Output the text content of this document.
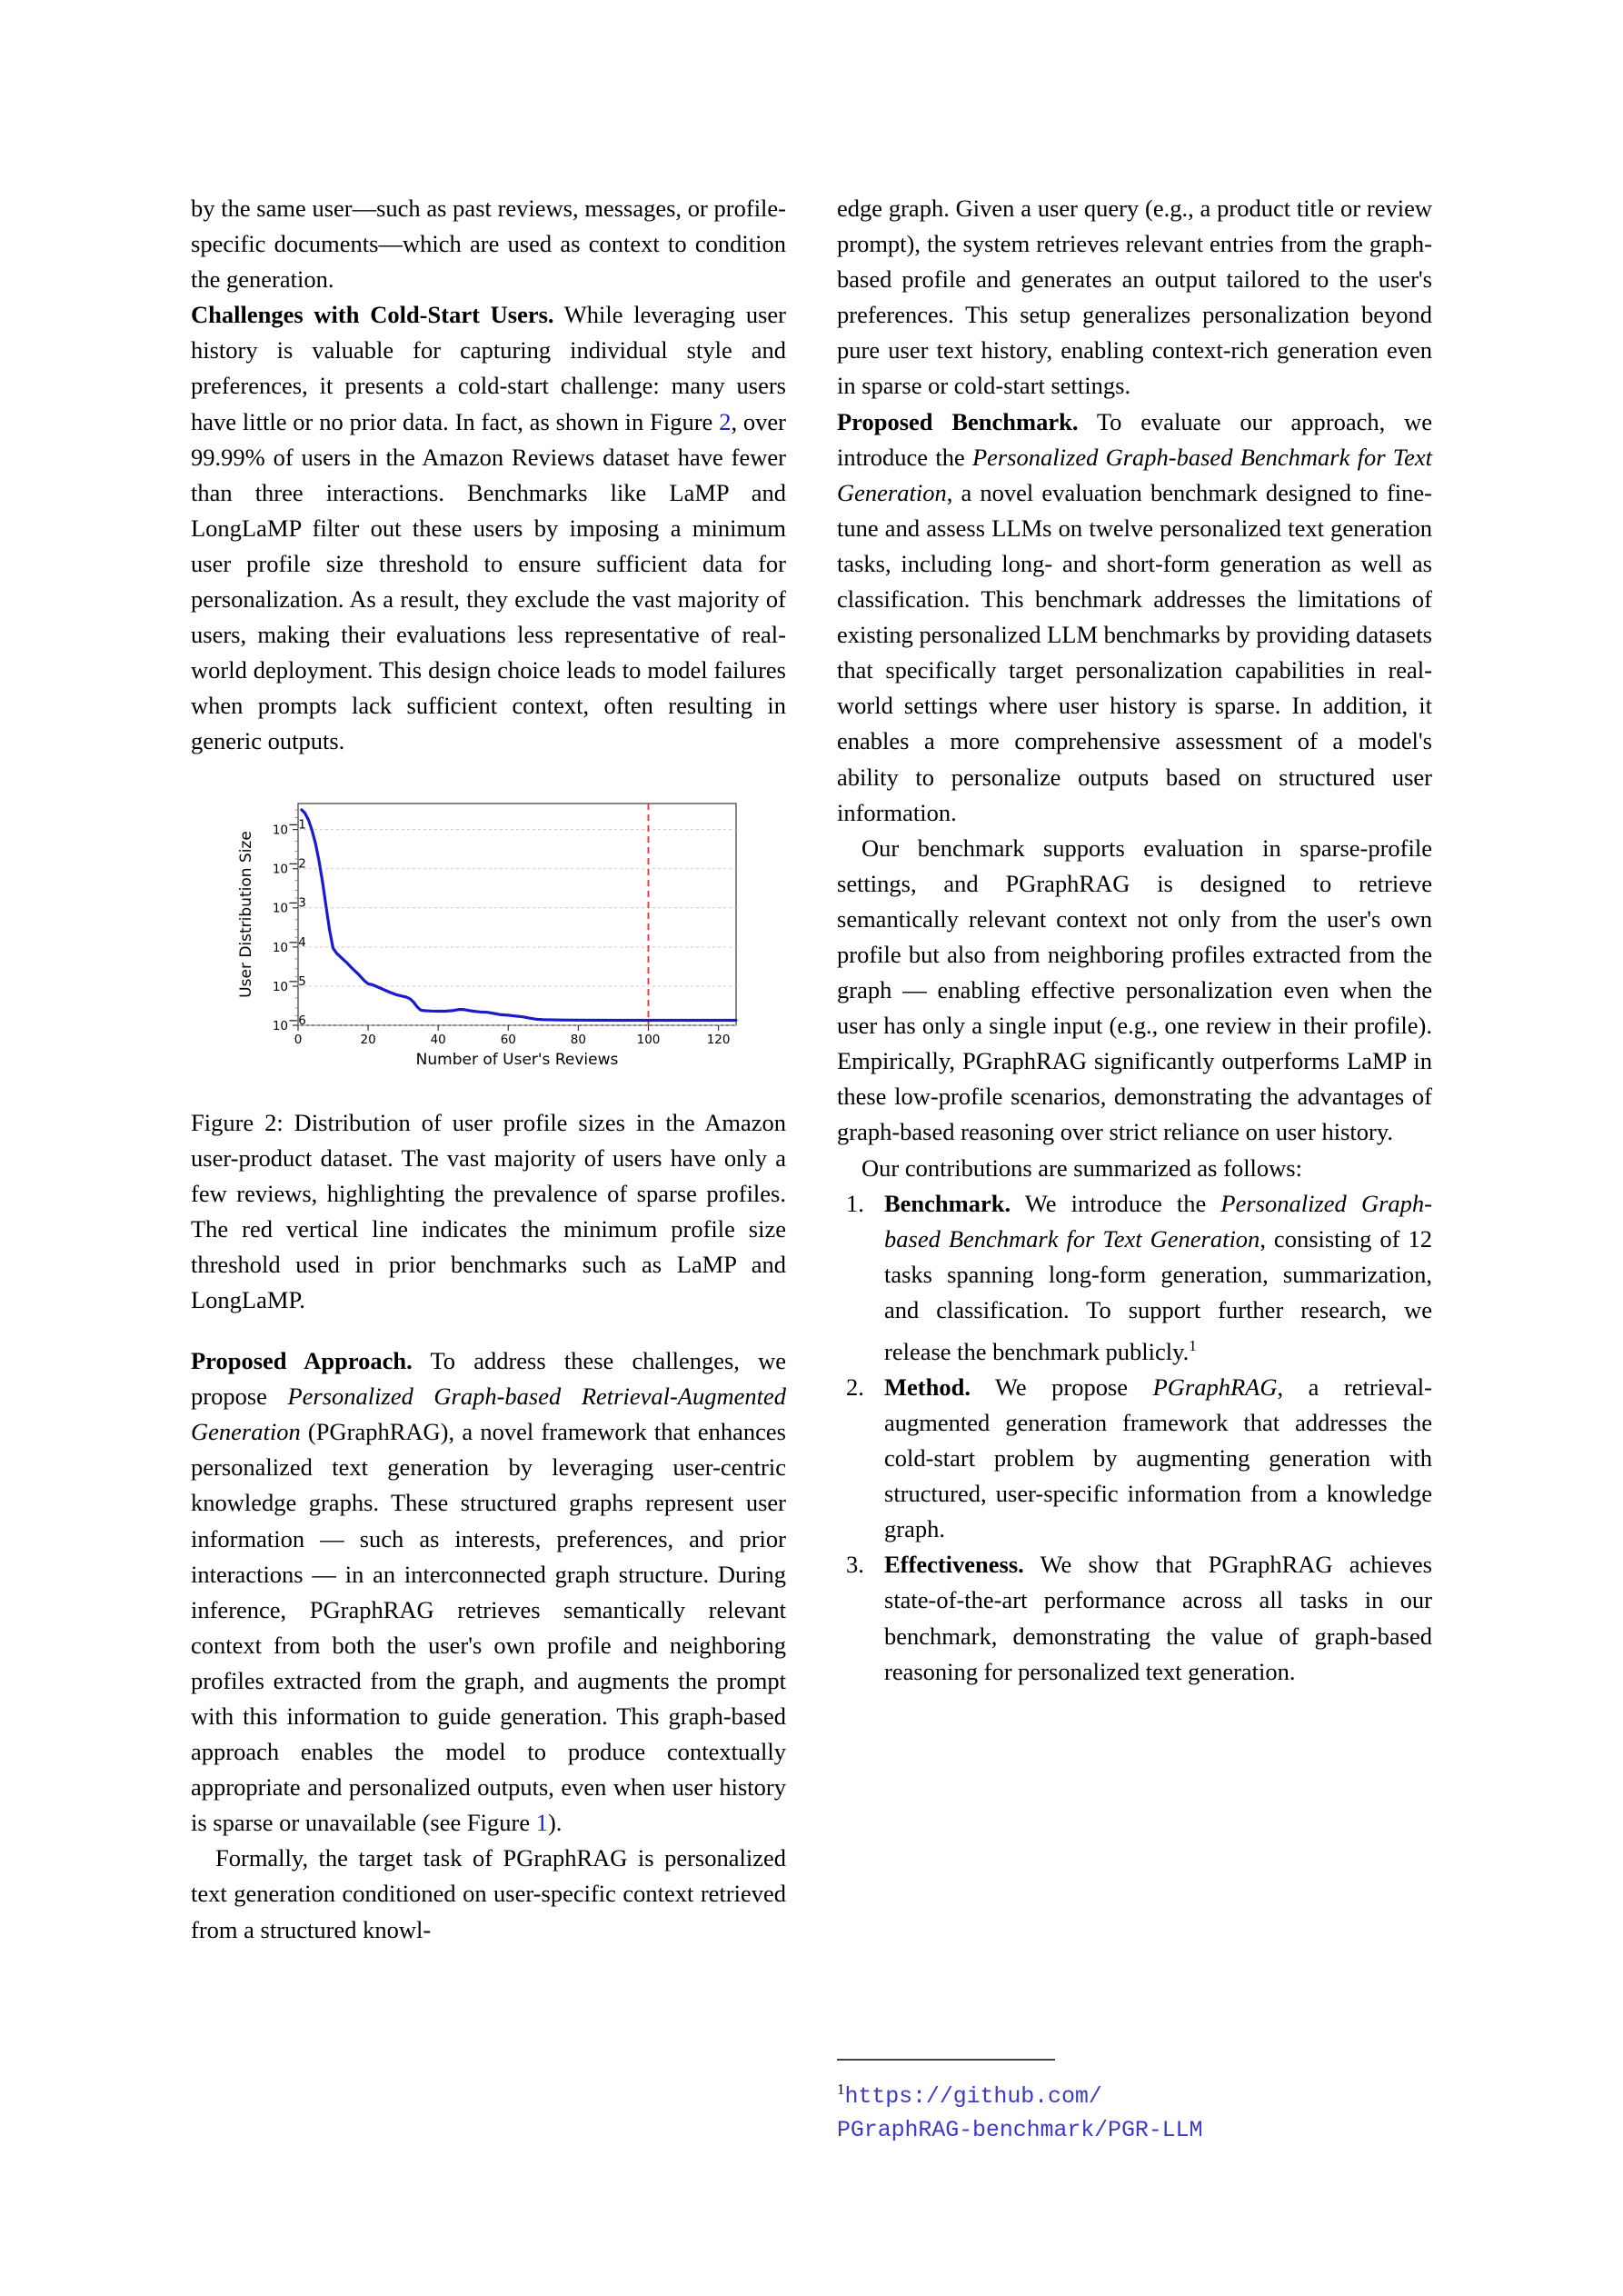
by the same user—such as past reviews, messages, or profile-specific documents—which are used as context to condition the generation.

Challenges with Cold-Start Users. While leveraging user history is valuable for capturing individual style and preferences, it presents a cold-start challenge: many users have little or no prior data. In fact, as shown in Figure 2, over 99.99% of users in the Amazon Reviews dataset have fewer than three interactions. Benchmarks like LaMP and LongLaMP filter out these users by imposing a minimum user profile size threshold to ensure sufficient data for personalization. As a result, they exclude the vast majority of users, making their evaluations less representative of real-world deployment. This design choice leads to model failures when prompts lack sufficient context, often resulting in generic outputs.

10 −1
10 −2
10 −3
10 −4
10 −5
10 −6
0	20	40	60	80	100	120
Number of User's Reviews
User Distribution Size
Figure 2: Distribution of user profile sizes in the Amazon user-product dataset. The vast majority of users have only a few reviews, highlighting the prevalence of sparse profiles. The red vertical line indicates the minimum profile size threshold used in prior benchmarks such as LaMP and LongLaMP.

Proposed Approach. To address these challenges, we propose Personalized Graph-based Retrieval-Augmented Generation (PGraphRAG), a novel framework that enhances personalized text generation by leveraging user-centric knowledge graphs. These structured graphs represent user information — such as interests, preferences, and prior interactions — in an interconnected graph structure. During inference, PGraphRAG retrieves semantically relevant context from both the user's own profile and neighboring profiles extracted from the graph, and augments the prompt with this information to guide generation. This graph-based approach enables the model to produce contextually appropriate and personalized outputs, even when user history is sparse or unavailable (see Figure 1).

Formally, the target task of PGraphRAG is personalized text generation conditioned on user-specific context retrieved from a structured knowl-

edge graph. Given a user query (e.g., a product title or review prompt), the system retrieves relevant entries from the graph-based profile and generates an output tailored to the user's preferences. This setup generalizes personalization beyond pure user text history, enabling context-rich generation even in sparse or cold-start settings.

Proposed Benchmark. To evaluate our approach, we introduce the Personalized Graph-based Benchmark for Text Generation, a novel evaluation benchmark designed to fine-tune and assess LLMs on twelve personalized text generation tasks, including long- and short-form generation as well as classification. This benchmark addresses the limitations of existing personalized LLM benchmarks by providing datasets that specifically target personalization capabilities in real-world settings where user history is sparse. In addition, it enables a more comprehensive assessment of a model's ability to personalize outputs based on structured user information.

Our benchmark supports evaluation in sparse-profile settings, and PGraphRAG is designed to retrieve semantically relevant context not only from the user's own profile but also from neighboring profiles extracted from the graph — enabling effective personalization even when the user has only a single input (e.g., one review in their profile). Empirically, PGraphRAG significantly outperforms LaMP in these low-profile scenarios, demonstrating the advantages of graph-based reasoning over strict reliance on user history.

Our contributions are summarized as follows:

1. Benchmark. We introduce the Personalized Graph-based Benchmark for Text Generation, consisting of 12 tasks spanning long-form generation, summarization, and classification. To support further research, we release the benchmark publicly.$^1$
2. Method. We propose PGraphRAG, a retrieval-augmented generation framework that addresses the cold-start problem by augmenting generation with structured, user-specific information from a knowledge graph.
3. Effectiveness. We show that PGraphRAG achieves state-of-the-art performance across all tasks in our benchmark, demonstrating the value of graph-based reasoning for personalized text generation.
$^1$https://github.com/
PGraphRAG-benchmark/PGR-LLM
